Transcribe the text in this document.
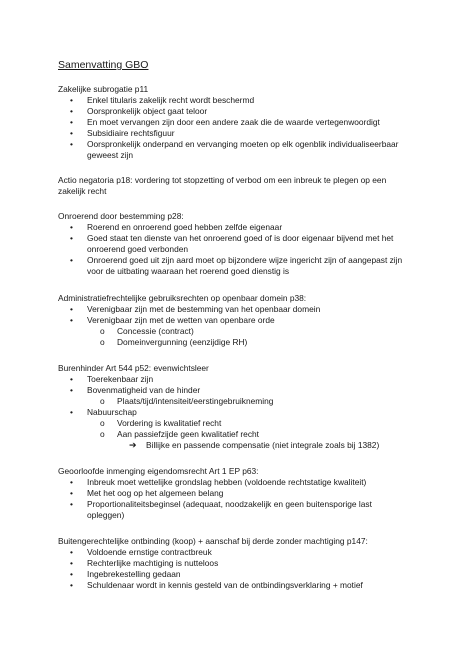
Samenvatting GBO
Zakelijke subrogatie p11
• Enkel titularis zakelijk recht wordt beschermd
• Oorspronkelijk object gaat teloor
• En moet vervangen zijn door een andere zaak die de waarde vertegenwoordigt
• Subsidiaire rechtsfiguur
• Oorspronkelijk onderpand en vervanging moeten op elk ogenblik individualiseerbaar
geweest zijn
Actio negatoria p18: vordering tot stopzetting of verbod om een inbreuk te plegen op een
zakelijk recht
Onroerend door bestemming p28:
• Roerend en onroerend goed hebben zelfde eigenaar
• Goed staat ten dienste van het onroerend goed of is door eigenaar bijvend met het
onroerend goed verbonden
• Onroerend goed uit zijn aard moet op bijzondere wijze ingericht zijn of aangepast zijn
voor de uitbating waaraan het roerend goed dienstig is
Administratiefrechtelijke gebruiksrechten op openbaar domein p38:
• Verenigbaar zijn met de bestemming van het openbaar domein
• Verenigbaar zijn met de wetten van openbare orde
o Concessie (contract)
o Domeinvergunning (eenzijdige RH)
Burenhinder Art 544 p52: evenwichtsleer
• Toerekenbaar zijn
• Bovenmatigheid van de hinder
o Plaats/tijd/intensiteit/eerstingebruikneming
• Nabuurschap
o Vordering is kwalitatief recht
o Aan passiefzijde geen kwalitatief recht
➔ Billijke en passende compensatie (niet integrale zoals bij 1382)
Geoorloofde inmenging eigendomsrecht Art 1 EP p63:
• Inbreuk moet wettelijke grondslag hebben (voldoende rechtstatige kwaliteit)
• Met het oog op het algemeen belang
• Proportionaliteitsbeginsel (adequaat, noodzakelijk en geen buitensporige last
opleggen)
Buitengerechtelijke ontbinding (koop) + aanschaf bij derde zonder machtiging p147:
• Voldoende ernstige contractbreuk
• Rechterlijke machtiging is nutteloos
• Ingebrekestelling gedaan
• Schuldenaar wordt in kennis gesteld van de ontbindingsverklaring + motief
